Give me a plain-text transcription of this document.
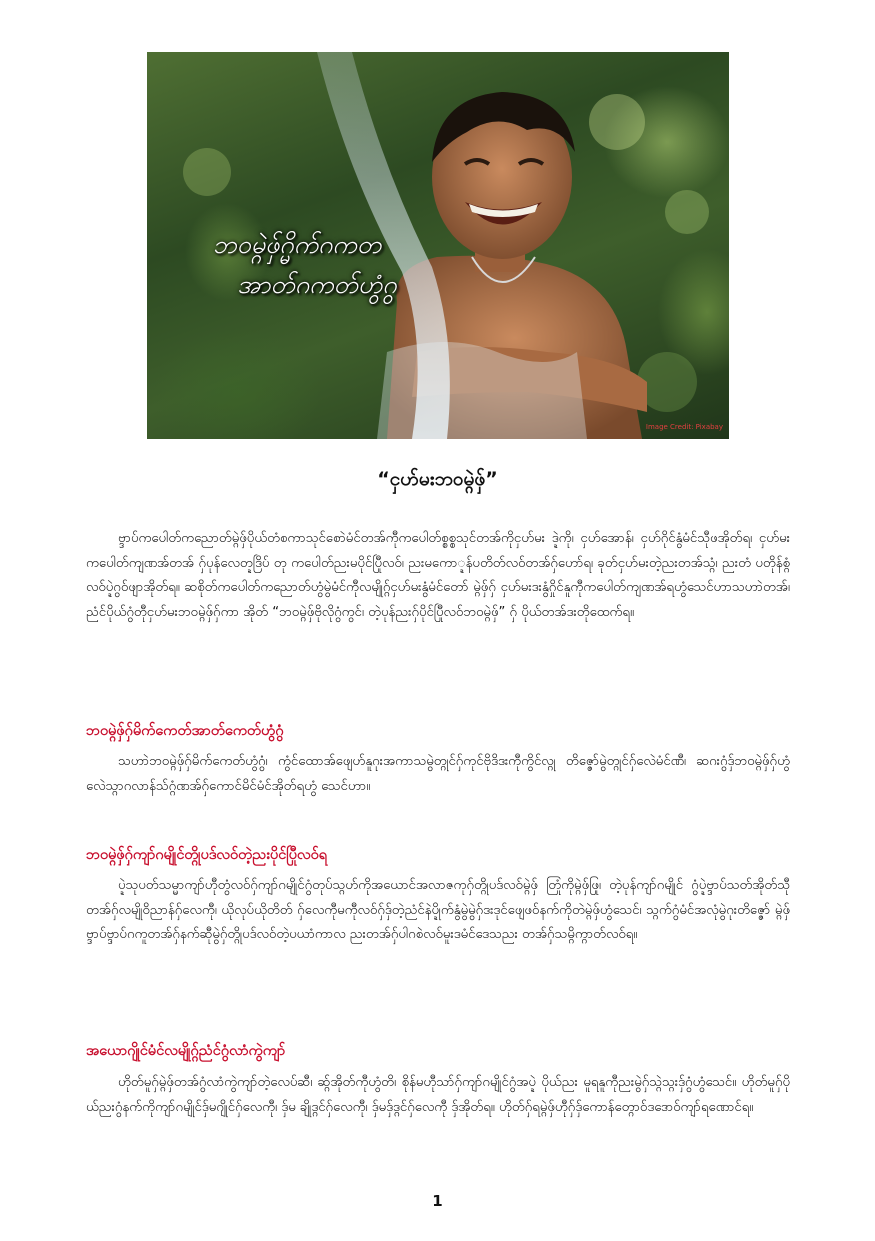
ဘဝမ္ဂဲဖှ်ဂ္မိက်ဂကတ
အာတ်ဂကတ်ဟွံဂွ
Image Credit: Pixabay
“ငှဟ်မးဘဝမ္ဂဲဖှ်”

ဗ္ဒာပ်ကပေါတ်ကညောတ်မ္ဂဲဖှ်ပိုယ်တံစကာသုင်စောဲမံင်တအ်ကီုကပေါတ်စ္စစ္စသုင်တအ်ကိုငှဟ်မး ဒ္ဍဲကို၊ ငှဟ်အောန်၊ ငှဟ်ဂိုင်နွံမံင်သီုဖအိုတ်ရ၊ ငှဟ်မးကပေါတ်ကျဏအ်တအ် ဂှ်ပုန်လေတ္ဍဒြိပ် တု ကပေါတ်ညးမပိုင်ပြီုလဝ်၊ ညးမကော္ဍန်ပတိတ်လဝ်တအ်ဂှ်ဟော်ရ၊ ခုတ်ငှဟ်မးတဲ့ညးတအ်သ္ဂံ၊ ညးတံ ပတိုန်စ္ဂံလဝ်ပ္ဍဲဂွဝ်ဖျာအိုတ်ရ။ ဆစိုတ်ကပေါတ်ကညောတ်ဟွံမွဲမံင်ကီုလမျိုဂ္ဂ်ငှဟ်မးနွံမံင်တော် မ္ဂဲဖှ်ဂှ် ငှဟ်မးဒးနွံဂှိုင်နူကီုကပေါတ်ကျဏအ်ရဟွံသေင်ဟာသဟာဲတအ်၊ ညံင်ပိုယ်ဂွံတီုငှဟ်မးဘဝမ္ဂဲဖှ်ဂှ်ကာ အိုတ် “ဘဝမ္ဂဲဖှ်ဗိုလိုဂွံကွင်၊ တဲ့ပုန်ညးဂှ်ပိုင်ပြီုလဝ်ဘဝမ္ဂဲဖှ်” ဂှ် ပိုယ်တအ်ဒးတိုထေက်ရ။

ဘဝမ္ဂဲဖှ်ဂှ်မိက်ကေတ်အာတ်ကေတ်ဟွံဂွံ

သဟာဲဘဝမ္ဂဲဖှ်ဂှ်မိက်ကေတ်ဟွံဂွံ၊ ကွံင်ထောအ်ဖျေဟ်နူဂုးအကာသမွဲတ္ဂုင်ဂှ်ကုင်ဗိုဒိဒးကီုကွိင်လ္ဂု တိဇ္ဇော်မွဲတ္ဂုင်ဂှ်လေဲမံင်ဏီ၊ ဆဂးဂွံဒှ်ဘဝမ္ဂဲဖှ်ဂှ်ဟွံလေဲသ္ဂာဂလာန်သ်ဂ္ဂံဏအ်ဂှ်ကောင်မိင်မံင်အိုတ်ရဟွံ သေင်ဟာ။

ဘဝမ္ဂဲဖှ်ဂှ်ကျာ်ဂမျိုင်တ္ဂိုပဒ်လဝ်တဲ့ညးပိုင်ပြီုလဝ်ရ

ပ္ဍဲသုပတ်သမ္မာကျာ်ဟီုတွံလဝ်ဂှ်ကျာ်ဂမျိုင်ဂွံတုပ်သ္ဂဟ်ကိုအယောင်အလာဇကုဂှ်တ္ဂိုပဒ်လဝ်မ္ဂဲဖှ် တြုံကိုမ္ဂဲဖှ်ဖြု၊ တဲ့ပုန်ကျာ်ဂမျိုင် ဂွံပ္ဍဲဗ္ဒာပ်သတ်အိုတ်သီုတအ်ဂှ်လမျိုဝိညာန်ဂှ်လေကီု၊ ယိုလုပ်ယိုတိတ် ဂှ်လေကီုမကီုလဝ်ဂှ်ဒှ်တဲ့ညံင်နဲပ္ဍိုက်နွံမွဲမွဲဂှ်ဒးဒုင်ဖျေဖဝ်နက်ကိုတဲမ္ဂဲဖှ်ဟွံသေင်၊ သ္ဂက်ဂွံမံင်အလုံမွဲဂုးတိဇ္ဇော် မ္ဂဲဖှ်ဗ္ဒာပ်ဗ္ဒာပ်ဂကူတအ်ဂှ်နက်ဆီုမွဲဂှ်တ္ဂိုပဒ်လဝ်တဲ့ပယာံကာလ ညးတအ်ဂှ်ပါဂစဲလဝ်မူးဒမံင်ဒေသညး တအ်ဂှ်သမ္ဂိက္ဂာတ်လဝ်ရ။

အယောဂျိုင်မံင်လမျိုဂ္ဂ်ညံင်ဂွံလာံကွဲကျာ်

ဟိုတ်မူဂှ်မ္ဂဲဖှ်တအ်ဂွံလာံကွဲကျာ်တဲ့လေပ်ဆီ၊ ဆ္ဂ်အိုတ်ကီုဟွံတိ၊ စိုန်မဟီုသာ်ဂှ်ကျာ်ဂမျိုင်ဂွံအပ္ဍဲ ပိုယ်ညး မူရနူကီုညးမွဲဂှ်သ္ဂဲသ္ဂးဒှ်ဂွံဟွံသေင်။ ဟိုတ်မူဂှ်ပိုယ်ညးဂွံနက်ကိုကျာ်ဂမျိုင်ဒှ်မဂျိုင်ဂှ်လေကီု၊ ဒှ်မ ချိုဒ္ဂင်ဂှ်လေကီု၊ ဒှ်မဒှ်ဒ္ဂင်ဂှ်လေကီု ဒှ်အိုတ်ရ။ ဟိုတ်ဂှ်ရမ္ဂဲဖှ်ဟီုဂှ်ဒှ်ကောန်တ္ဂောဝ်ဒဒောဝ်ကျာ်ရဏောင်ရ။

1
